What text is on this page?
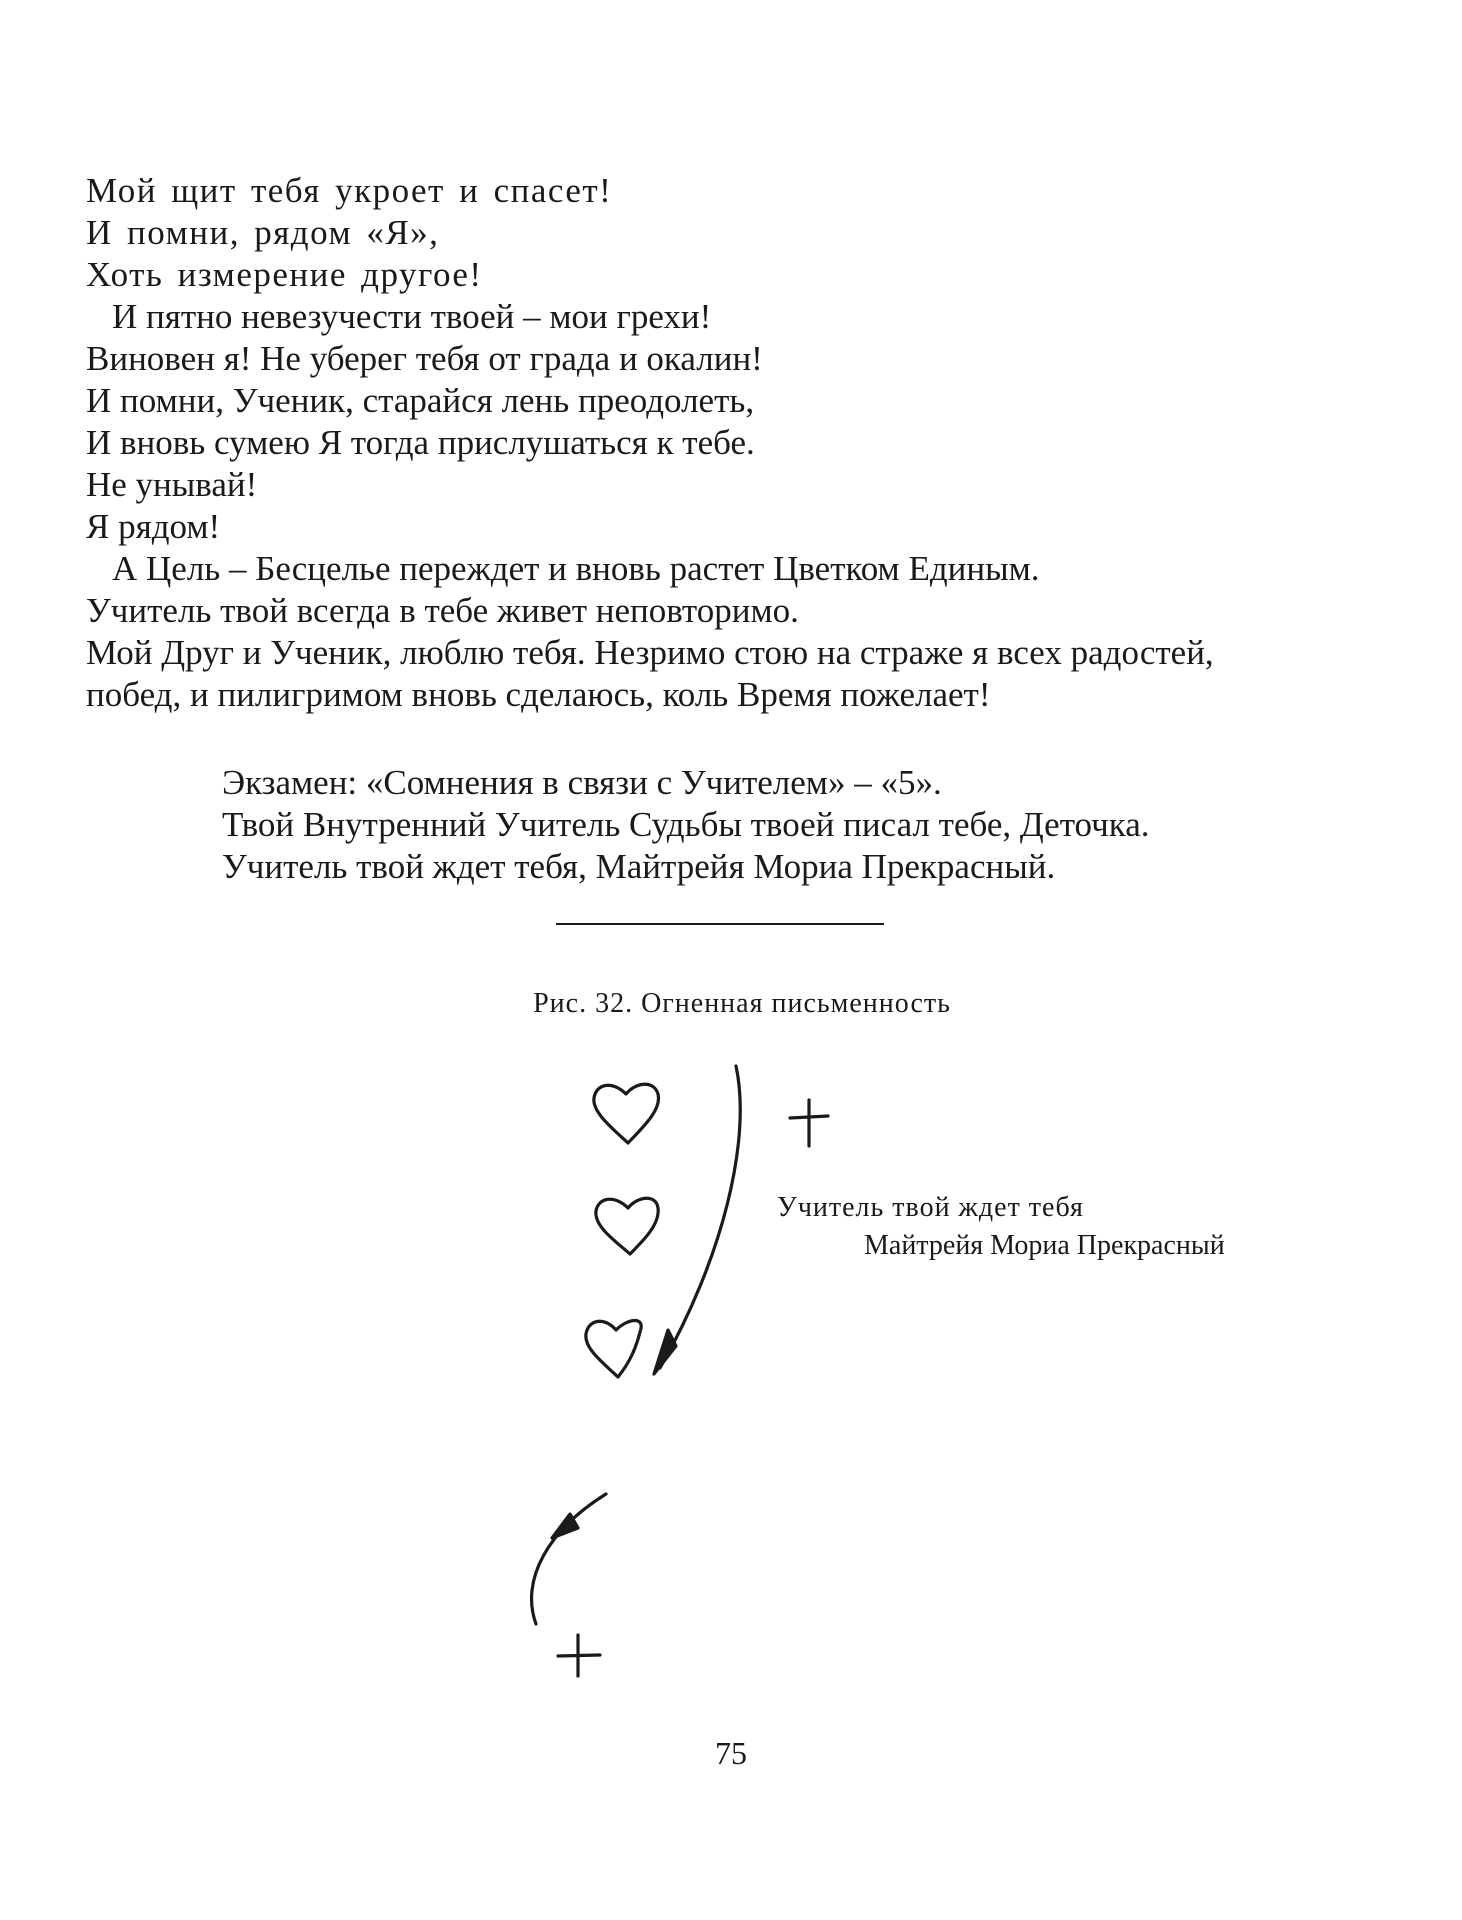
Мой щит тебя укроет и спасет!
И помни, рядом «Я»,
Хоть измерение другое!
И пятно невезучести твоей – мои грехи!
Виновен я! Не уберег тебя от града и окалин!
И помни, Ученик, старайся лень преодолеть,
И вновь сумею Я тогда прислушаться к тебе.
Не унывай!
Я рядом!
А Цель – Бесцелье переждет и вновь растет Цветком Единым.
Учитель твой всегда в тебе живет неповторимо.
Мой Друг и Ученик, люблю тебя. Незримо стою на страже я всех радостей,
побед, и пилигримом вновь сделаюсь, коль Время пожелает!
Экзамен: «Сомнения в связи с Учителем» – «5».
Твой Внутренний Учитель Судьбы твоей писал тебе, Деточка.
Учитель твой ждет тебя, Майтрейя Мориа Прекрасный.
Рис. 32. Огненная письменность
Учитель твой ждет тебя
Майтрейя Мориа Прекрасный
75
